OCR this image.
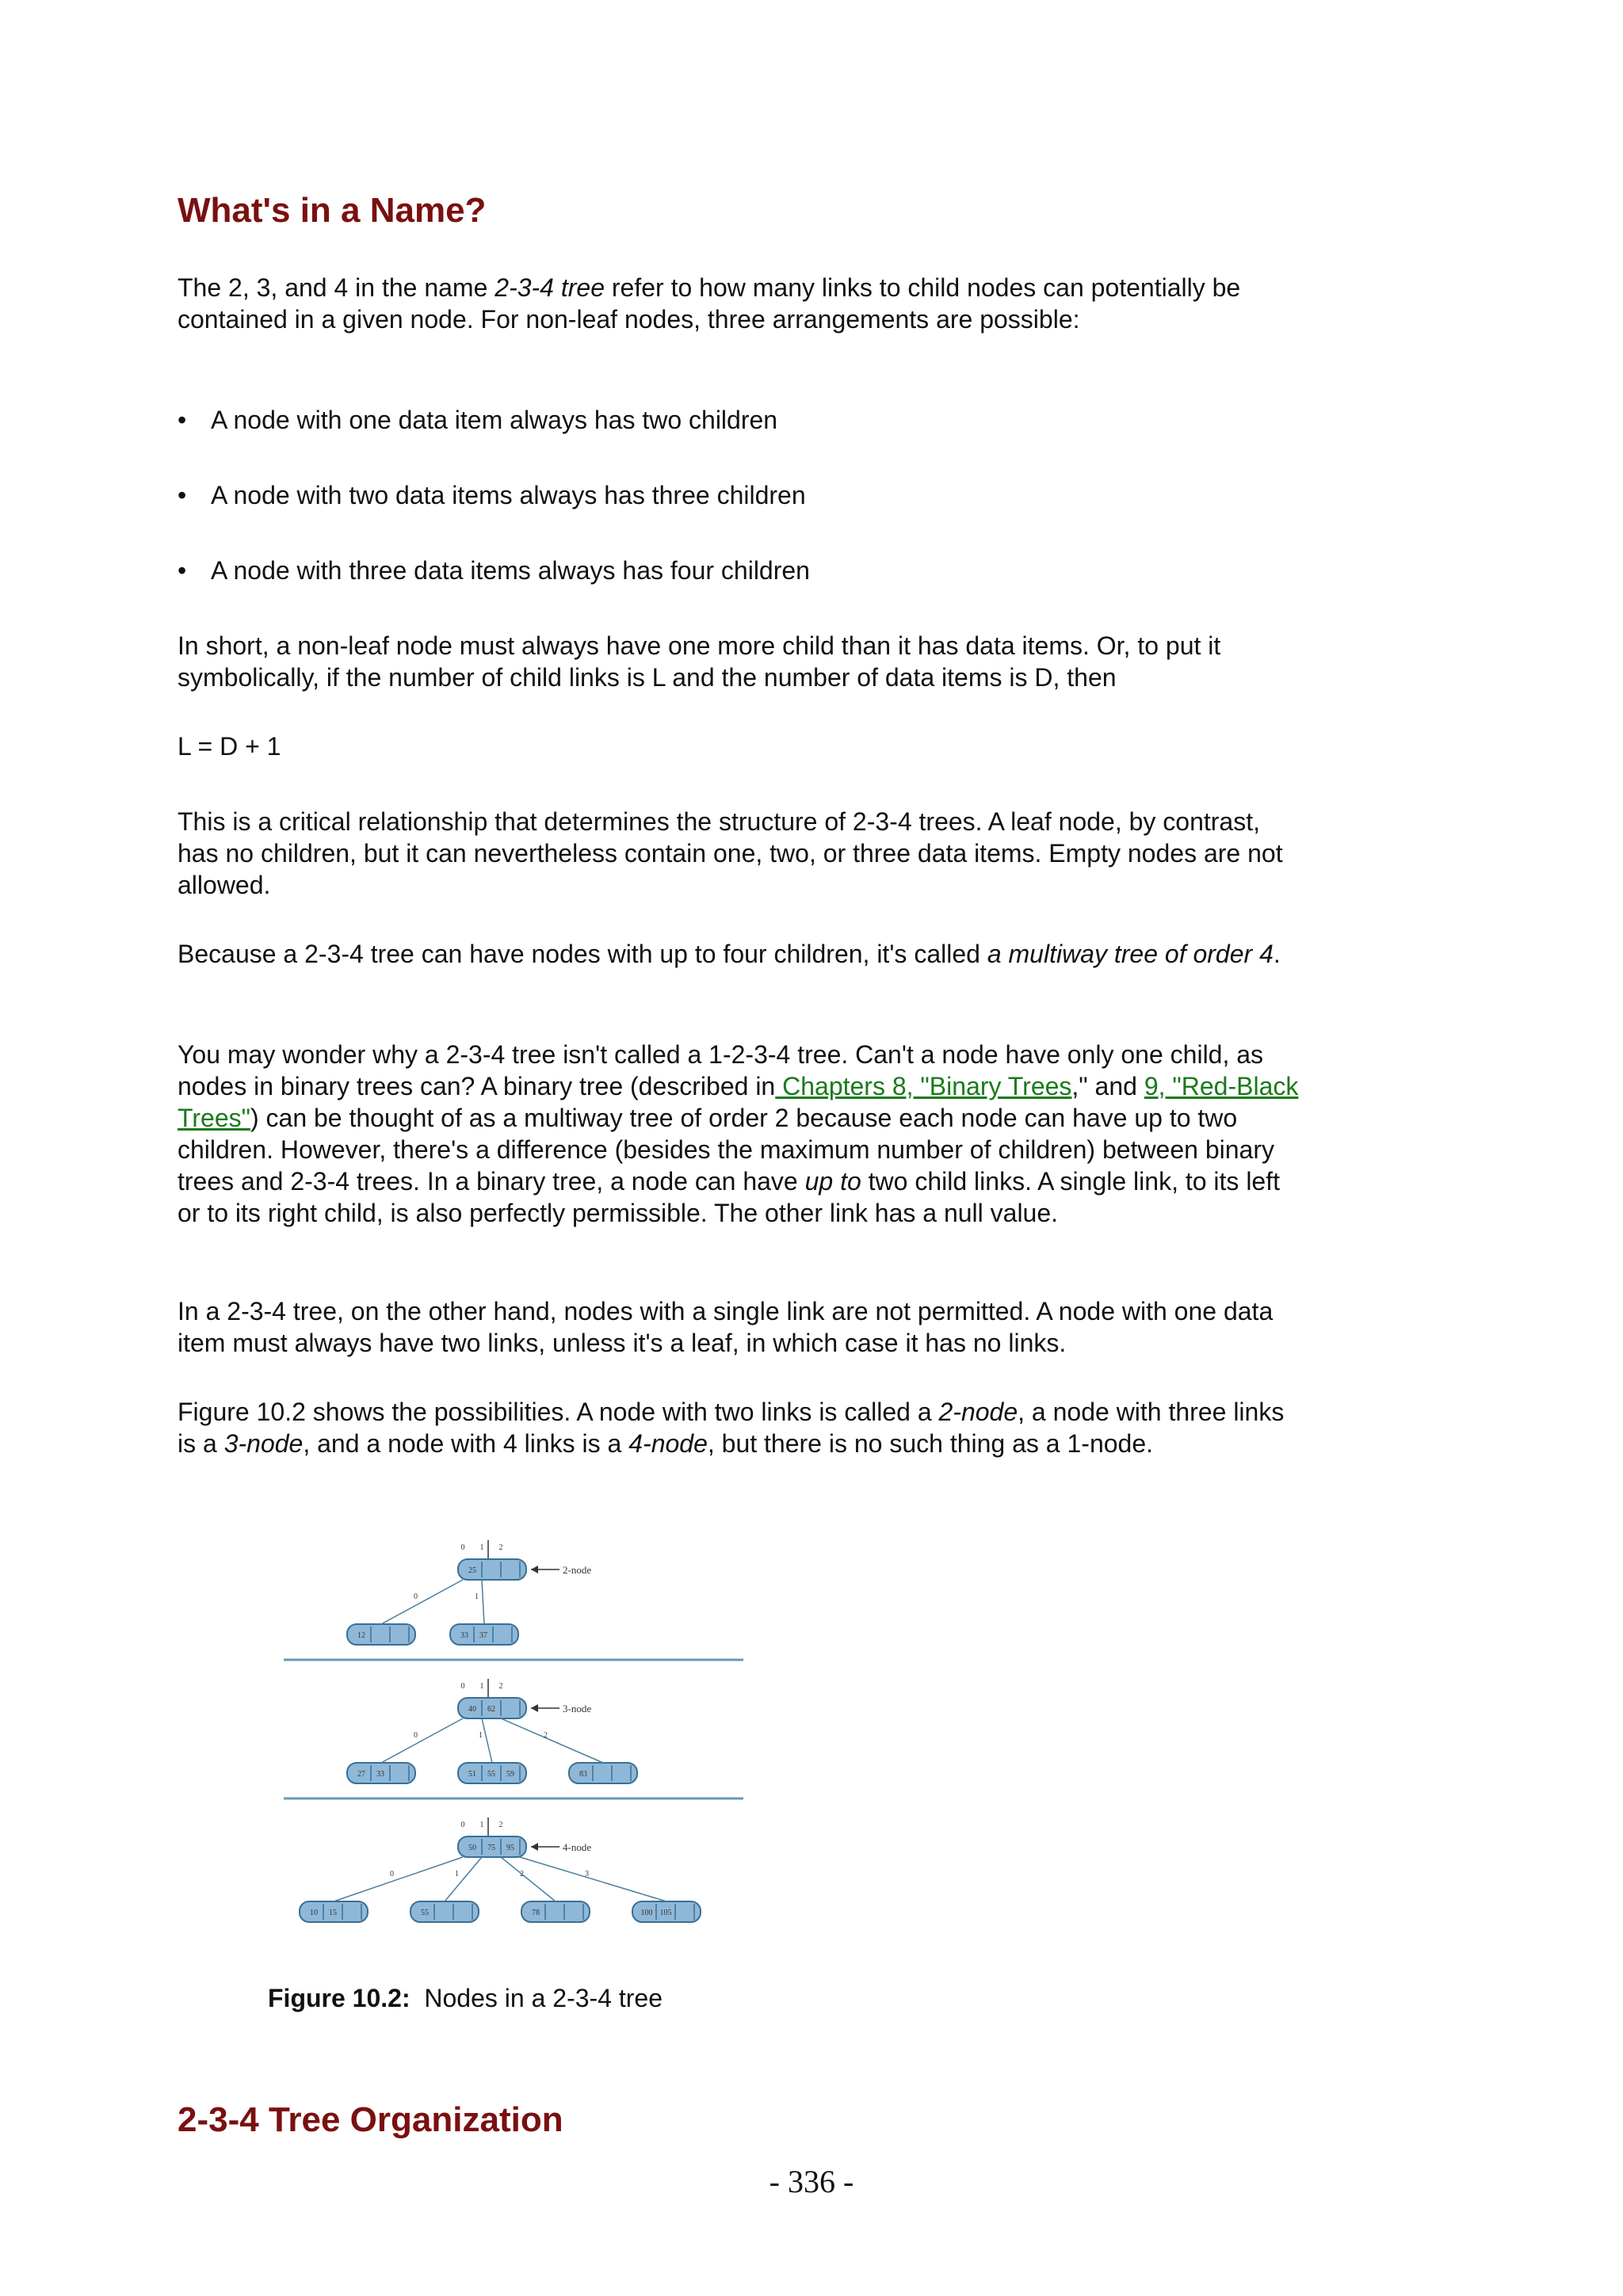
What's in a Name?

The 2, 3, and 4 in the name 2-3-4 tree refer to how many links to child nodes can potentially be contained in a given node. For non-leaf nodes, three arrangements are possible:

• A node with one data item always has two children
• A node with two data items always has three children
• A node with three data items always has four children

In short, a non-leaf node must always have one more child than it has data items. Or, to put it symbolically, if the number of child links is L and the number of data items is D, then

L = D + 1

This is a critical relationship that determines the structure of 2-3-4 trees. A leaf node, by contrast, has no children, but it can nevertheless contain one, two, or three data items. Empty nodes are not allowed.

Because a 2-3-4 tree can have nodes with up to four children, it's called a multiway tree of order 4.

You may wonder why a 2-3-4 tree isn't called a 1-2-3-4 tree. Can't a node have only one child, as nodes in binary trees can? A binary tree (described in Chapters 8, "Binary Trees," and 9, "Red-Black Trees") can be thought of as a multiway tree of order 2 because each node can have up to two children. However, there's a difference (besides the maximum number of children) between binary trees and 2-3-4 trees. In a binary tree, a node can have up to two child links. A single link, to its left or to its right child, is also perfectly permissible. The other link has a null value.

In a 2-3-4 tree, on the other hand, nodes with a single link are not permitted. A node with one data item must always have two links, unless it's a leaf, in which case it has no links.

Figure 10.2 shows the possibilities. A node with two links is called a 2-node, a node with three links is a 3-node, and a node with 4 links is a 4-node, but there is no such thing as a 1-node.

0 1 2
25	2-node
12
0
33 37
1
0 1 2
40 62	3-node
27 33
0
51 55 59
1
83
2
0 1 2
50 75 95	4-node
10 15
0
55
1
78
2
100 105
3
Figure 10.2:  Nodes in a 2-3-4 tree
2-3-4 Tree Organization
- 336 -
